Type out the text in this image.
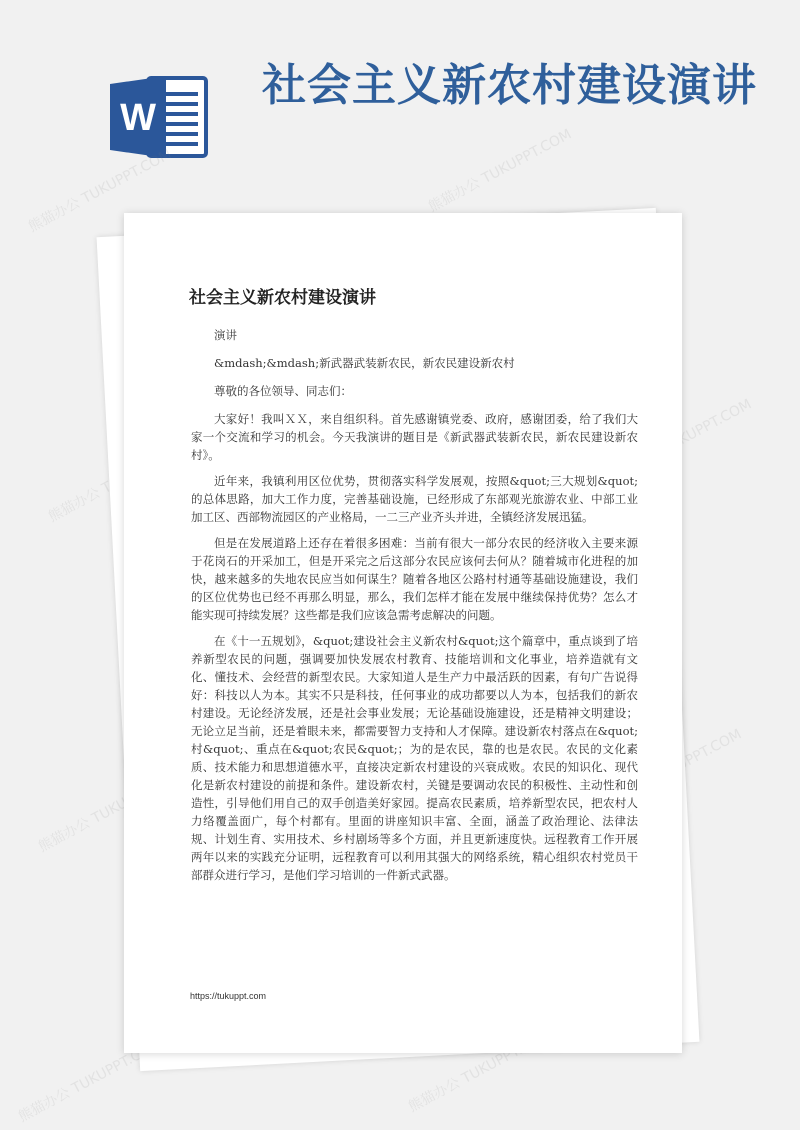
W
社会主义新农村建设演讲
熊猫办公 TUKUPPT.COM
熊猫办公 TUKUPPT.COM
熊猫办公
TUKUPPT.COM
熊猫办公 TUKUPPT.COM
TUKUPPT.COM
熊猫办公 TUKUPPT.COM
熊猫办公 TUKUPPT.COM
社会主义新农村建设演讲

演讲

&mdash;&mdash;新武器武装新农民，新农民建设新农村

尊敬的各位领导、同志们：

大家好！我叫ＸＸ，来自组织科。首先感谢镇党委、政府，感谢团委，给了我们大家一个交流和学习的机会。今天我演讲的题目是《新武器武装新农民，新农民建设新农村》。

近年来，我镇利用区位优势，贯彻落实科学发展观，按照&quot;三大规划&quot;的总体思路，加大工作力度，完善基础设施，已经形成了东部观光旅游农业、中部工业加工区、西部物流园区的产业格局，一二三产业齐头并进，全镇经济发展迅猛。

但是在发展道路上还存在着很多困难：当前有很大一部分农民的经济收入主要来源于花岗石的开采加工，但是开采完之后这部分农民应该何去何从？随着城市化进程的加快，越来越多的失地农民应当如何谋生？随着各地区公路村村通等基础设施建设，我们的区位优势也已经不再那么明显，那么，我们怎样才能在发展中继续保持优势？怎么才能实现可持续发展？这些都是我们应该急需考虑解决的问题。

在《十一五规划》，&quot;建设社会主义新农村&quot;这个篇章中，重点谈到了培养新型农民的问题，强调要加快发展农村教育、技能培训和文化事业，培养造就有文化、懂技术、会经营的新型农民。大家知道人是生产力中最活跃的因素，有句广告说得好：科技以人为本。其实不只是科技，任何事业的成功都要以人为本，包括我们的新农村建设。无论经济发展，还是社会事业发展；无论基础设施建设，还是精神文明建设；无论立足当前，还是着眼未来，都需要智力支持和人才保障。建设新农村落点在&quot;村&quot;、重点在&quot;农民&quot;；为的是农民，靠的也是农民。农民的文化素质、技术能力和思想道德水平，直接决定新农村建设的兴衰成败。农民的知识化、现代化是新农村建设的前提和条件。建设新农村，关键是要调动农民的积极性、主动性和创造性，引导他们用自己的双手创造美好家园。提高农民素质，培养新型农民，把农村人力络覆盖面广，每个村都有。里面的讲座知识丰富、全面，涵盖了政治理论、法律法规、计划生育、实用技术、乡村剧场等多个方面，并且更新速度快。远程教育工作开展两年以来的实践充分证明，远程教育可以利用其强大的网络系统，精心组织农村党员干部群众进行学习，是他们学习培训的一件新式武器。

https://tukuppt.com
